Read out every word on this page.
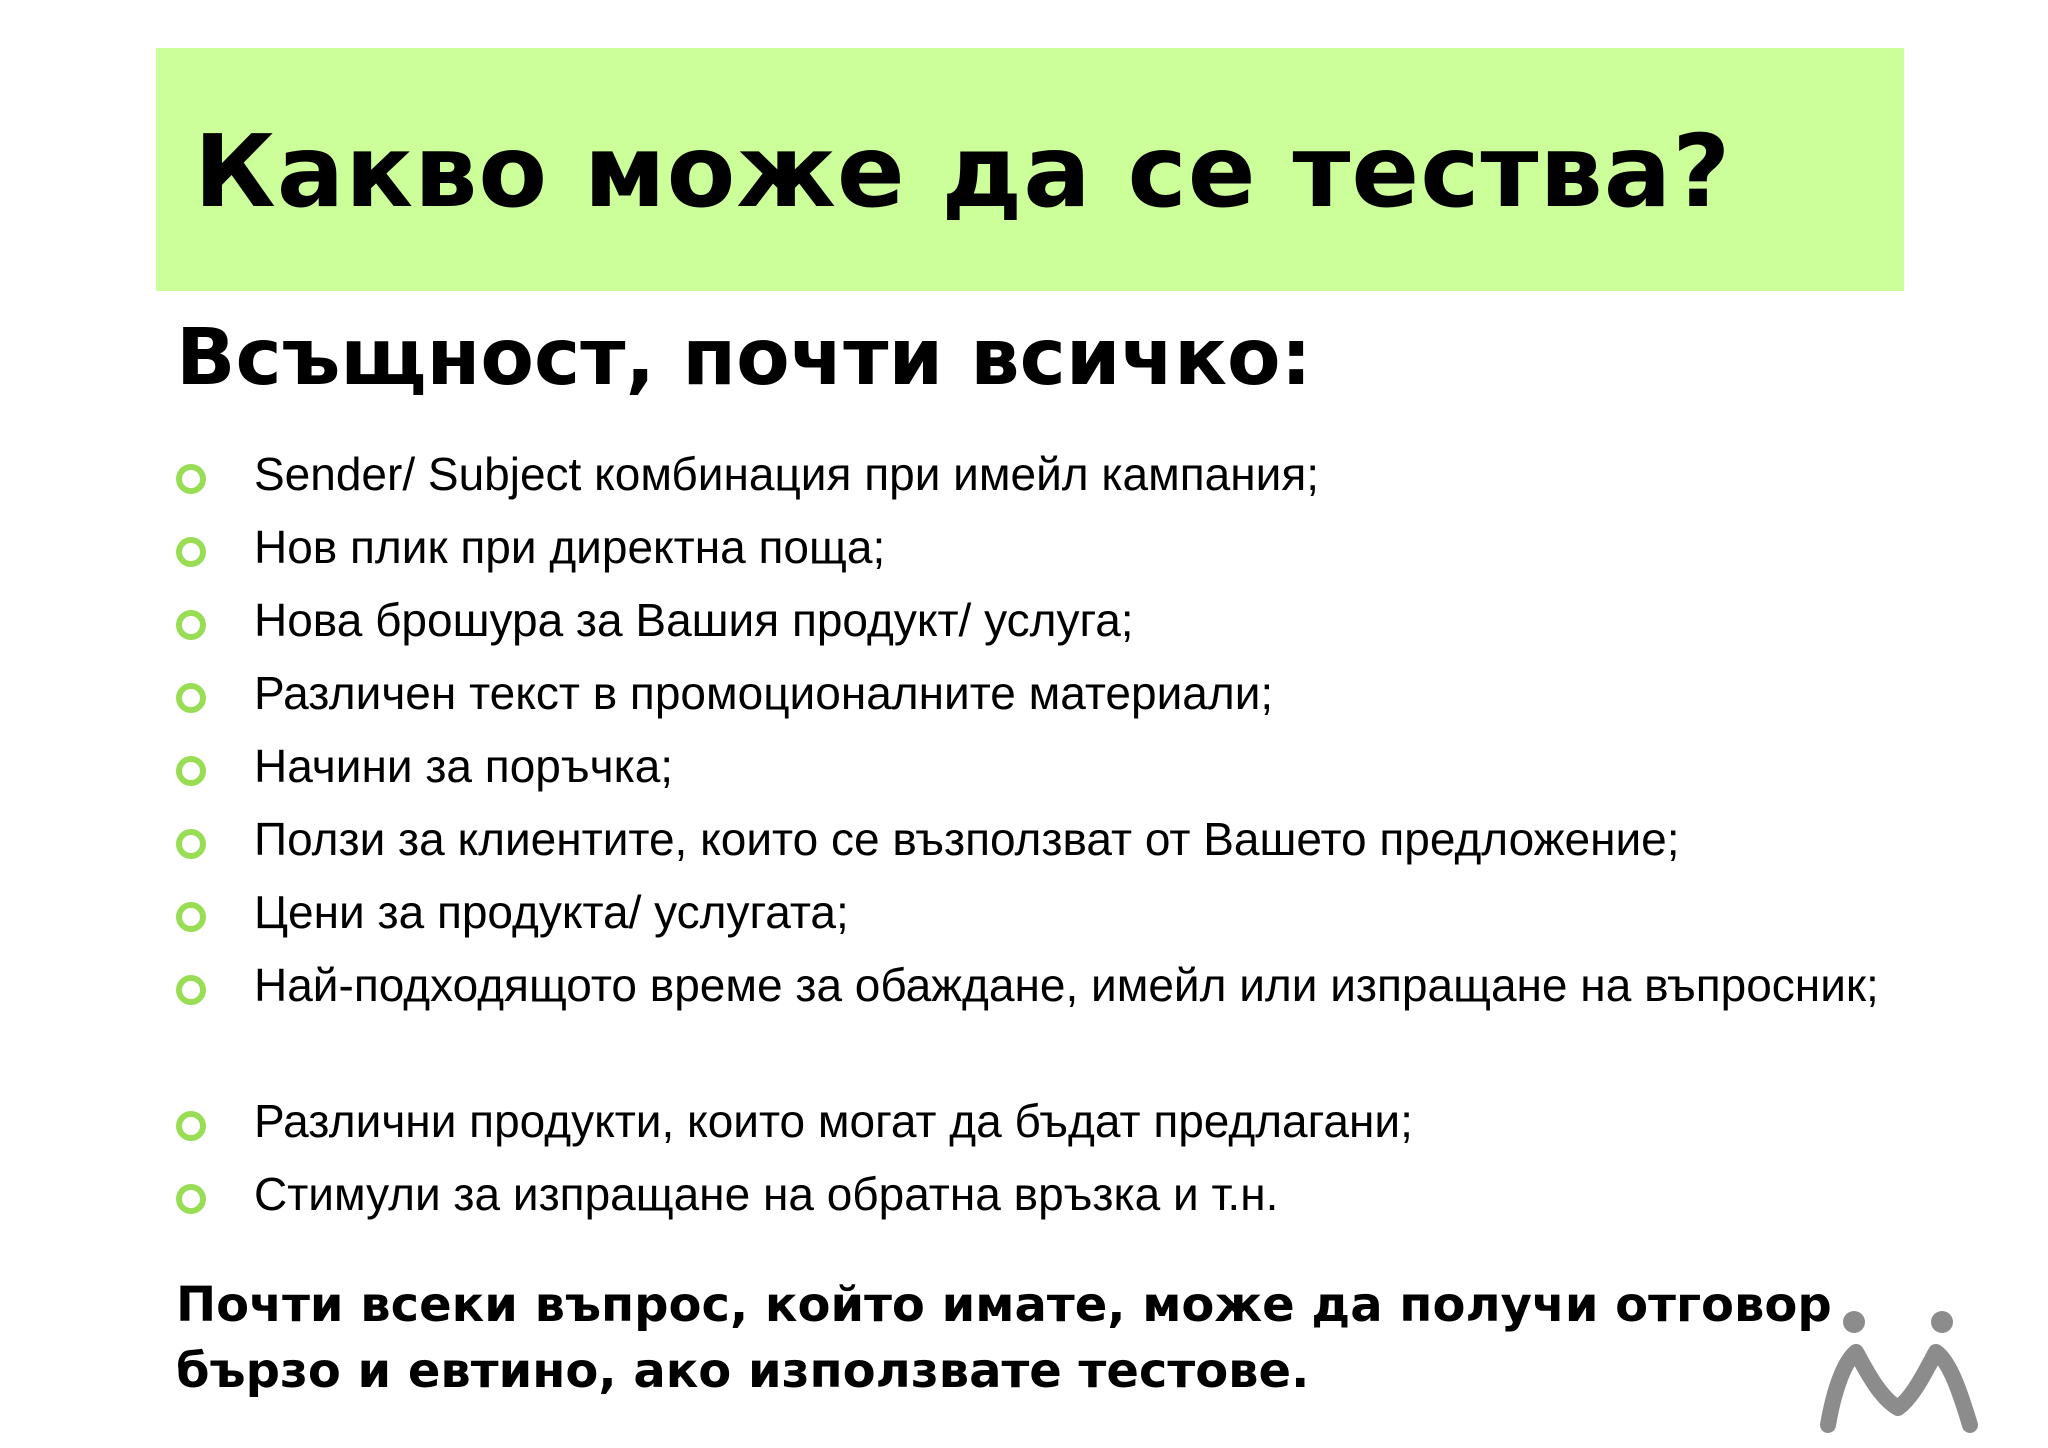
Какво може да се тества?
Всъщност, почти всичко:
Sender/ Subject комбинация при имейл кампания;
Нов плик при директна поща;
Нова брошура за Вашия продукт/ услуга;
Различен текст в промоционалните материали;
Начини за поръчка;
Ползи за клиентите, които се възползват от Вашето предложение;
Цени за продукта/ услугата;
Най-подходящото време за обаждане, имейл или изпращане на въпросник;
Различни продукти, които могат да бъдат предлагани;
Стимули за изпращане на обратна връзка и т.н.

Почти всеки въпрос, който имате, може да получи отговор
бързо и евтино, ако използвате тестове.
